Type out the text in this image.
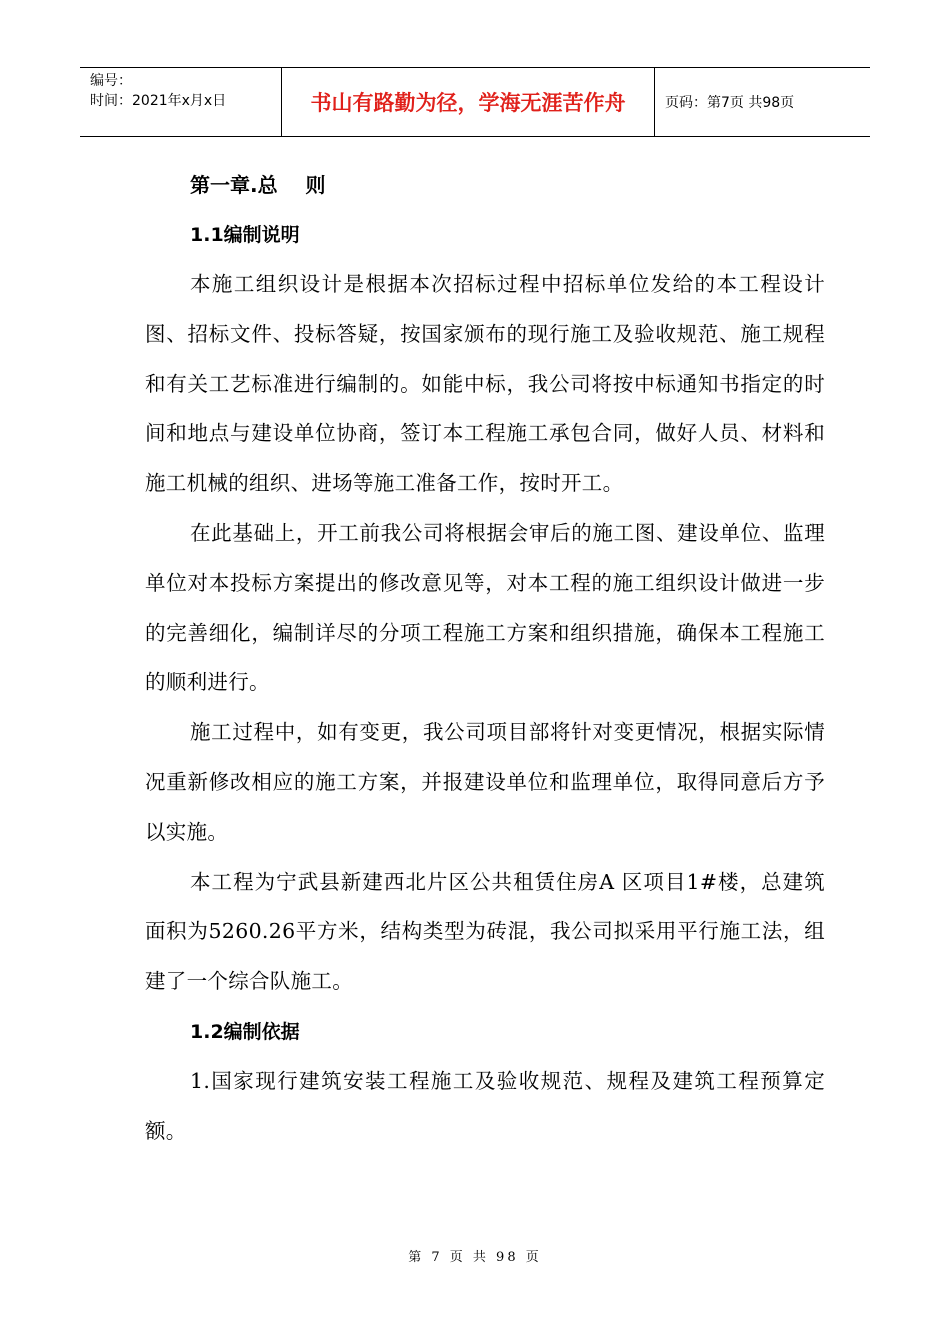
编号：
时间：2021年x月x日	书山有路勤为径，学海无涯苦作舟	页码：第7页 共98页
第一章.总    则
1.1编制说明

本施工组织设计是根据本次招标过程中招标单位发给的本工程设计图、招标文件、投标答疑，按国家颁布的现行施工及验收规范、施工规程和有关工艺标准进行编制的。如能中标，我公司将按中标通知书指定的时间和地点与建设单位协商，签订本工程施工承包合同，做好人员、材料和施工机械的组织、进场等施工准备工作，按时开工。

在此基础上，开工前我公司将根据会审后的施工图、建设单位、监理单位对本投标方案提出的修改意见等，对本工程的施工组织设计做进一步的完善细化，编制详尽的分项工程施工方案和组织措施，确保本工程施工的顺利进行。

施工过程中，如有变更，我公司项目部将针对变更情况，根据实际情况重新修改相应的施工方案，并报建设单位和监理单位，取得同意后方予以实施。

本工程为宁武县新建西北片区公共租赁住房A 区项目1#楼，总建筑面积为5260.26平方米，结构类型为砖混，我公司拟采用平行施工法，组建了一个综合队施工。

1.2编制依据

1.国家现行建筑安装工程施工及验收规范、规程及建筑工程预算定额。

第 7 页 共 98 页
